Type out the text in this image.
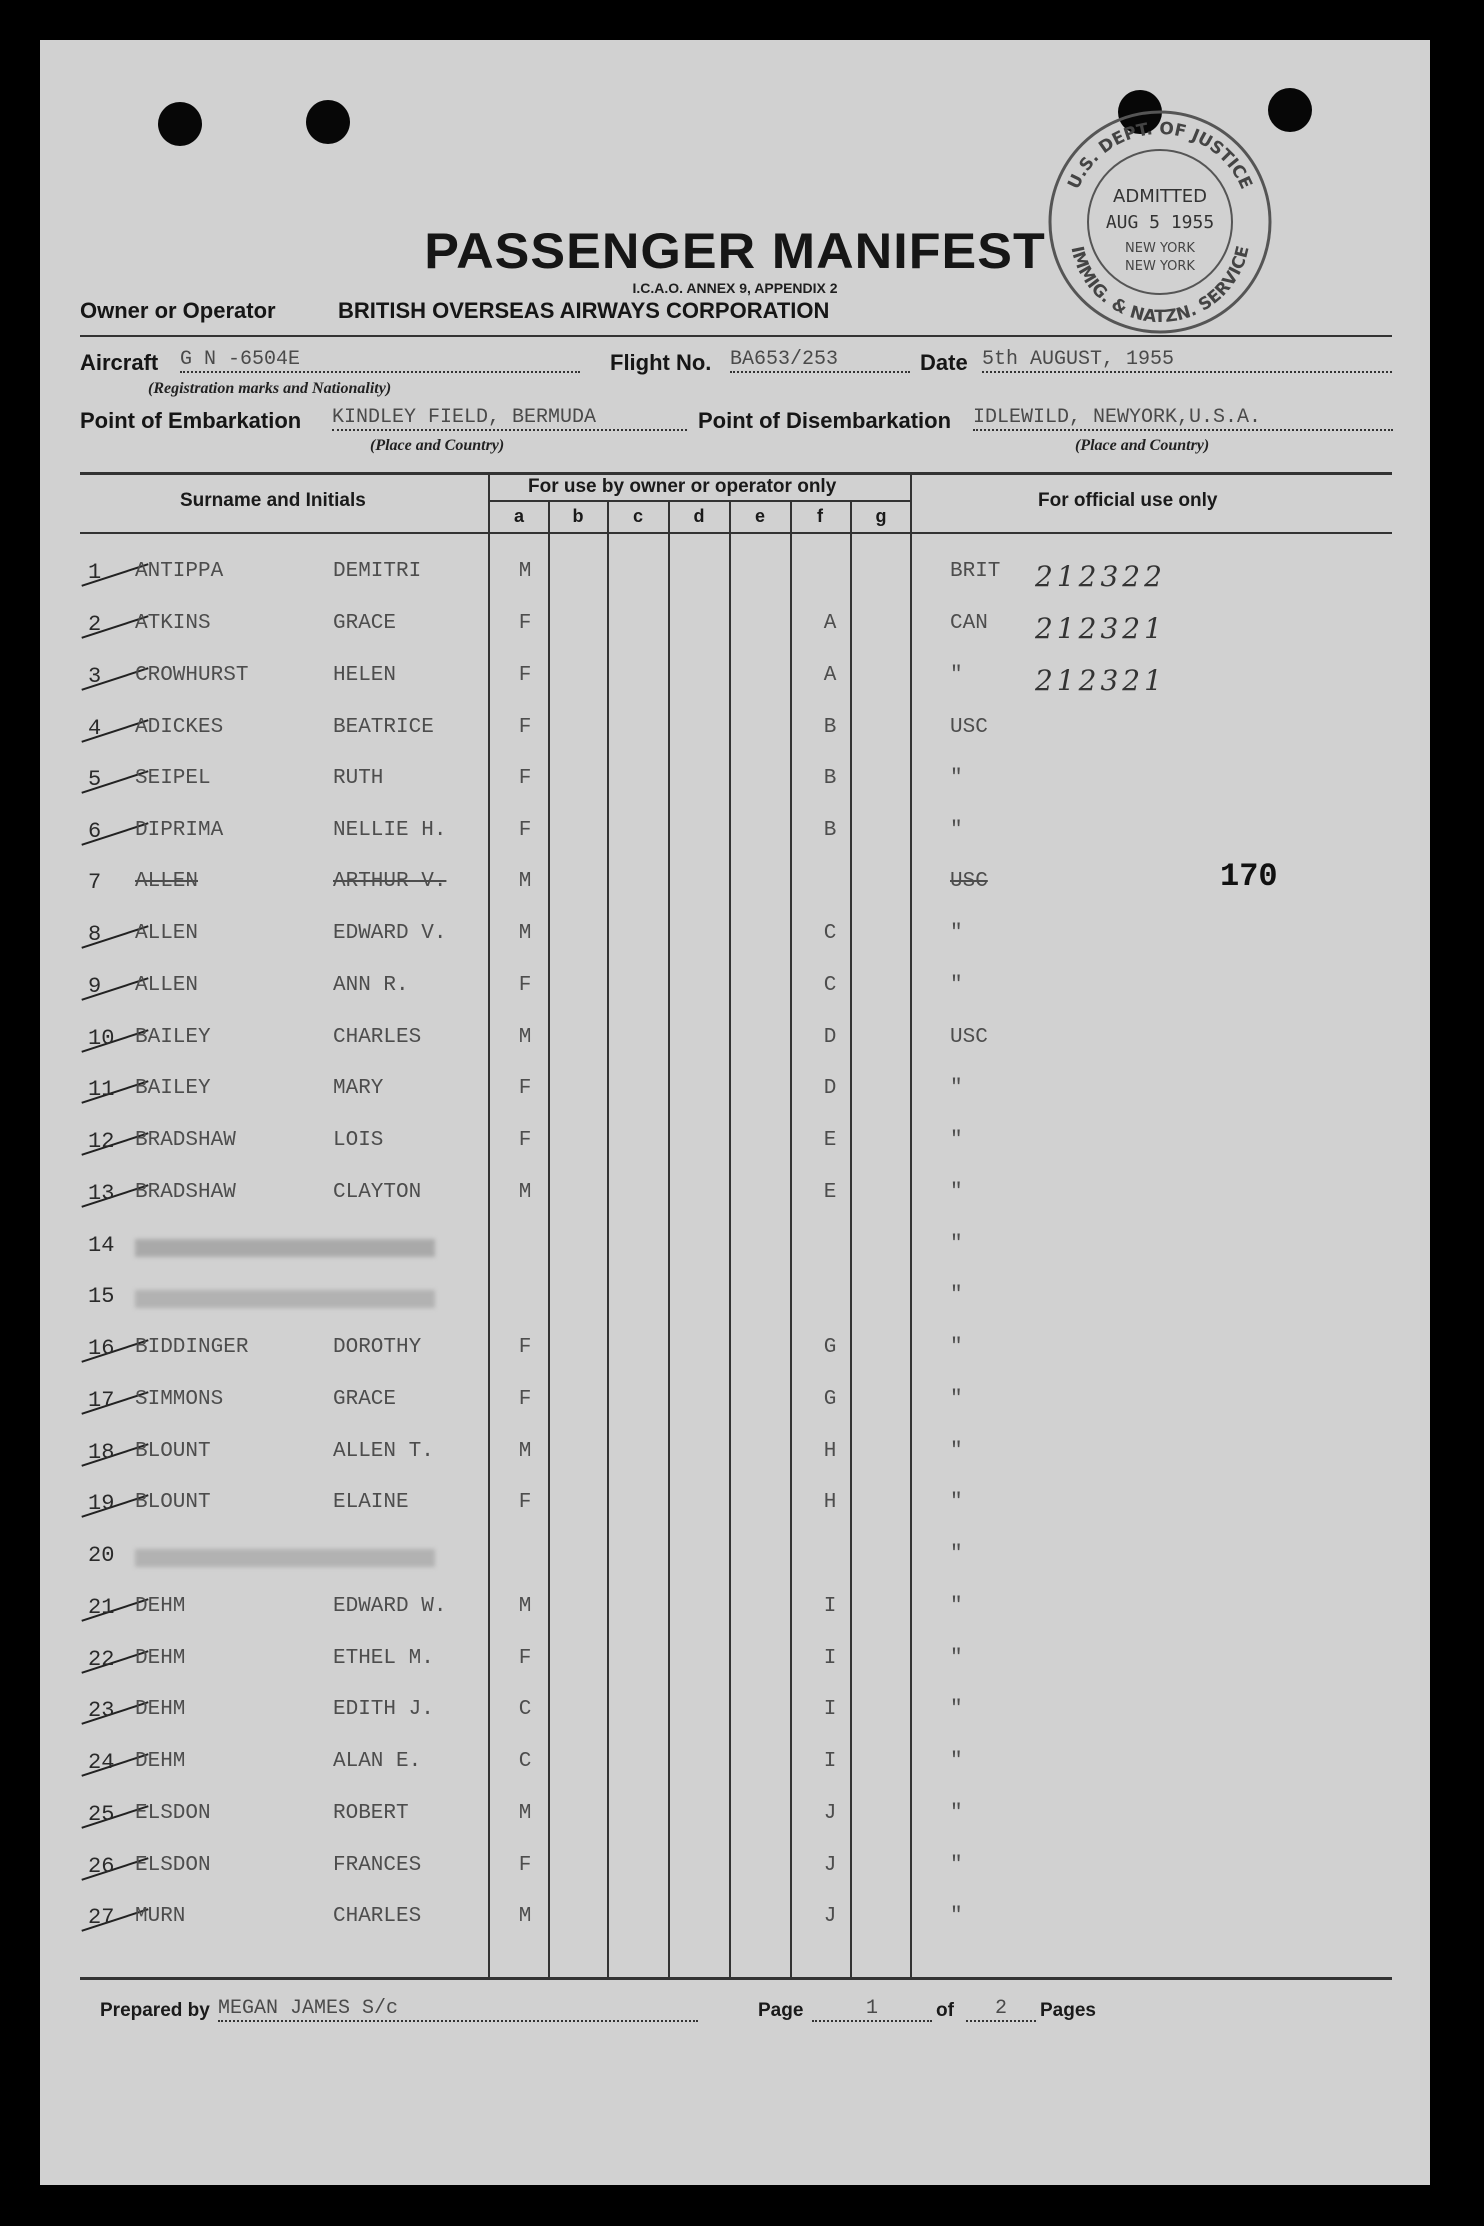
U.S. DEPT. OF JUSTICE
IMMIG. & NATZN. SERVICE
ADMITTED
AUG 5 1955
NEW YORK
NEW YORK
PASSENGER MANIFEST
I.C.A.O. ANNEX 9, APPENDIX 2
Owner or Operator	BRITISH OVERSEAS AIRWAYS CORPORATION
Aircraft G N -6504E
(Registration marks and Nationality)
Flight No. BA653/253	Date 5th AUGUST, 1955
Point of Embarkation KINDLEY FIELD, BERMUDA
(Place and Country)
Point of Disembarkation IDLEWILD, NEWYORK,U.S.A.
(Place and Country)
Surname and Initials
For use by owner or operator only
For official use only
a	b	c	d	e	f	g
1	ANTIPPA	DEMITRI	M	BRIT 212322
2	ATKINS	GRACE	F	A	CAN 212321
3	CROWHURST	HELEN	F	A	"	212321
4	ADICKES	BEATRICE	F	B	USC
5	SEIPEL	RUTH	F	B	"
6	DIPRIMA	NELLIE H.	F	B	"
7	ALLEN	ARTHUR V.	M	USC
8	ALLEN	EDWARD V.	M	C	"
9	ALLEN	ANN R.	F	C	"
10 BAILEY	CHARLES	M	D	USC
11 BAILEY	MARY	F	D	"
12 BRADSHAW	LOIS	F	E	"
13 BRADSHAW	CLAYTON	M	E	"
14	"
15	"
16 BIDDINGER	DOROTHY	F	G	"
17 SIMMONS	GRACE	F	G	"
18 BLOUNT	ALLEN T.	M	H	"
19 BLOUNT	ELAINE	F	H	"
20	"
21 DEHM	EDWARD W.	M	I	"
22 DEHM	ETHEL M.	F	I	"
23 DEHM	EDITH J.	C	I	"
24 DEHM	ALAN E.	C	I	"
25 ELSDON	ROBERT	M	J	"
26 ELSDON	FRANCES	F	J	"
27 MURN	CHARLES	M	J	"
170
Prepared by MEGAN JAMES S/c	Page	1	of	2	Pages
